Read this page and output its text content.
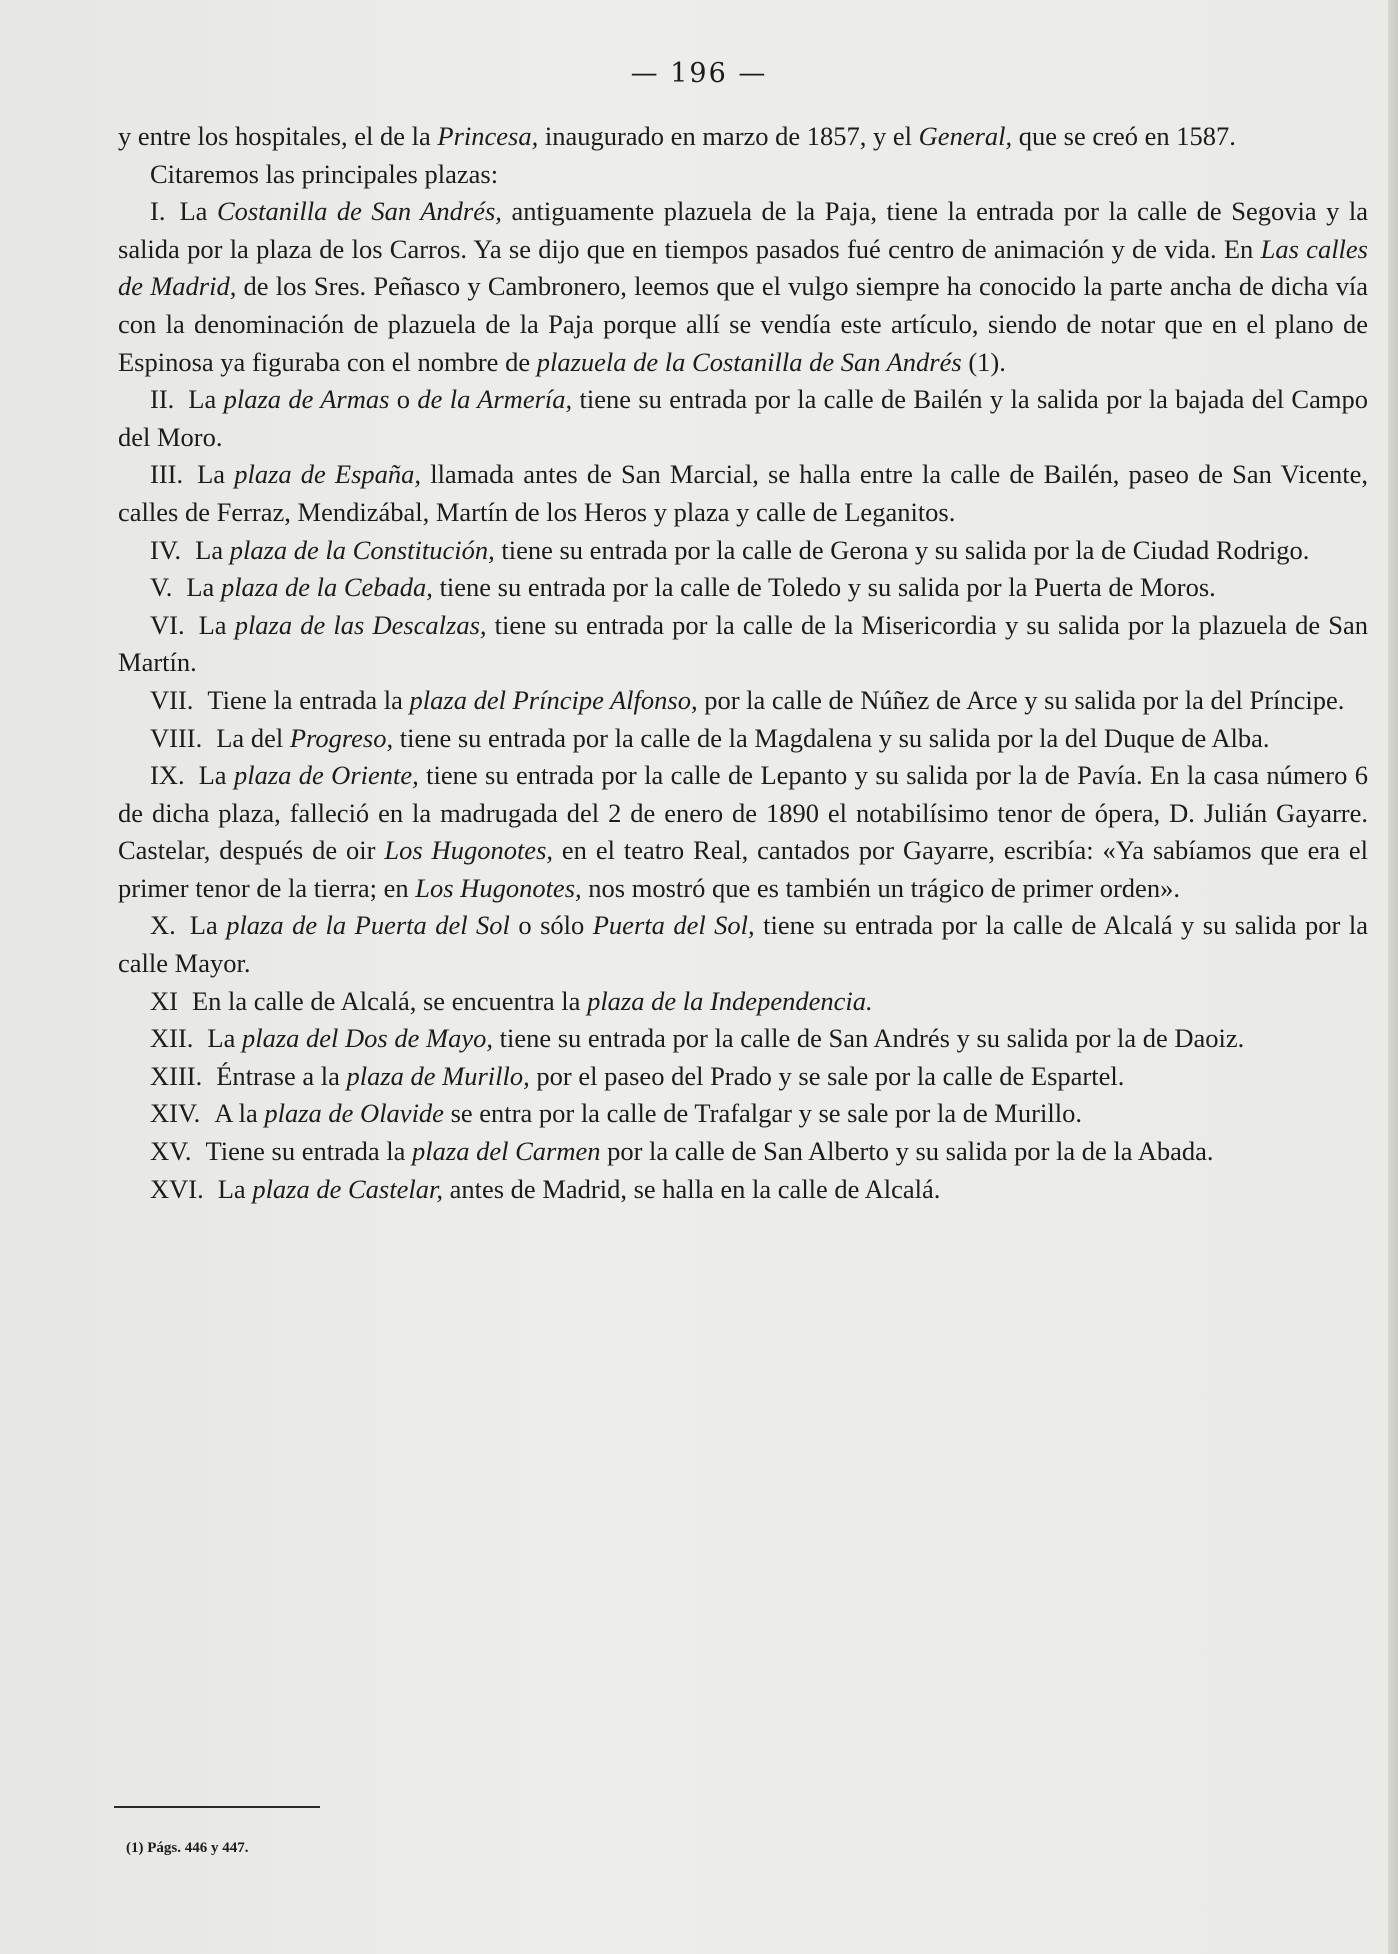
— 196 —

y entre los hospitales, el de la Princesa, inaugurado en marzo de 1857, y el General, que se creó en 1587.

Citaremos las principales plazas:

I. La Costanilla de San Andrés, antiguamente plazuela de la Paja, tiene la entrada por la calle de Segovia y la salida por la plaza de los Carros. Ya se dijo que en tiempos pasados fué centro de animación y de vida. En Las calles de Madrid, de los Sres. Peñasco y Cambronero, leemos que el vulgo siempre ha conocido la parte ancha de dicha vía con la denominación de plazuela de la Paja porque allí se vendía este artículo, siendo de notar que en el plano de Espinosa ya figuraba con el nombre de plazuela de la Costanilla de San Andrés (1).

II. La plaza de Armas o de la Armería, tiene su entrada por la calle de Bailén y la salida por la bajada del Campo del Moro.

III. La plaza de España, llamada antes de San Marcial, se halla entre la calle de Bailén, paseo de San Vicente, calles de Ferraz, Mendizábal, Martín de los Heros y plaza y calle de Leganitos.

IV. La plaza de la Constitución, tiene su entrada por la calle de Gerona y su salida por la de Ciudad Rodrigo.

V. La plaza de la Cebada, tiene su entrada por la calle de Toledo y su salida por la Puerta de Moros.

VI. La plaza de las Descalzas, tiene su entrada por la calle de la Misericordia y su salida por la plazuela de San Martín.

VII. Tiene la entrada la plaza del Príncipe Alfonso, por la calle de Núñez de Arce y su salida por la del Príncipe.

VIII. La del Progreso, tiene su entrada por la calle de la Magdalena y su salida por la del Duque de Alba.

IX. La plaza de Oriente, tiene su entrada por la calle de Lepanto y su salida por la de Pavía. En la casa número 6 de dicha plaza, falleció en la madrugada del 2 de enero de 1890 el notabilísimo tenor de ópera, D. Julián Gayarre. Castelar, después de oir Los Hugonotes, en el teatro Real, cantados por Gayarre, escribía: «Ya sabíamos que era el primer tenor de la tierra; en Los Hugonotes, nos mostró que es también un trágico de primer orden».

X. La plaza de la Puerta del Sol o sólo Puerta del Sol, tiene su entrada por la calle de Alcalá y su salida por la calle Mayor.

XI En la calle de Alcalá, se encuentra la plaza de la Independencia.

XII. La plaza del Dos de Mayo, tiene su entrada por la calle de San Andrés y su salida por la de Daoiz.

XIII. Éntrase a la plaza de Murillo, por el paseo del Prado y se sale por la calle de Espartel.

XIV. A la plaza de Olavide se entra por la calle de Trafalgar y se sale por la de Murillo.

XV. Tiene su entrada la plaza del Carmen por la calle de San Alberto y su salida por la de la Abada.

XVI. La plaza de Castelar, antes de Madrid, se halla en la calle de Alcalá.

(1) Págs. 446 y 447.
